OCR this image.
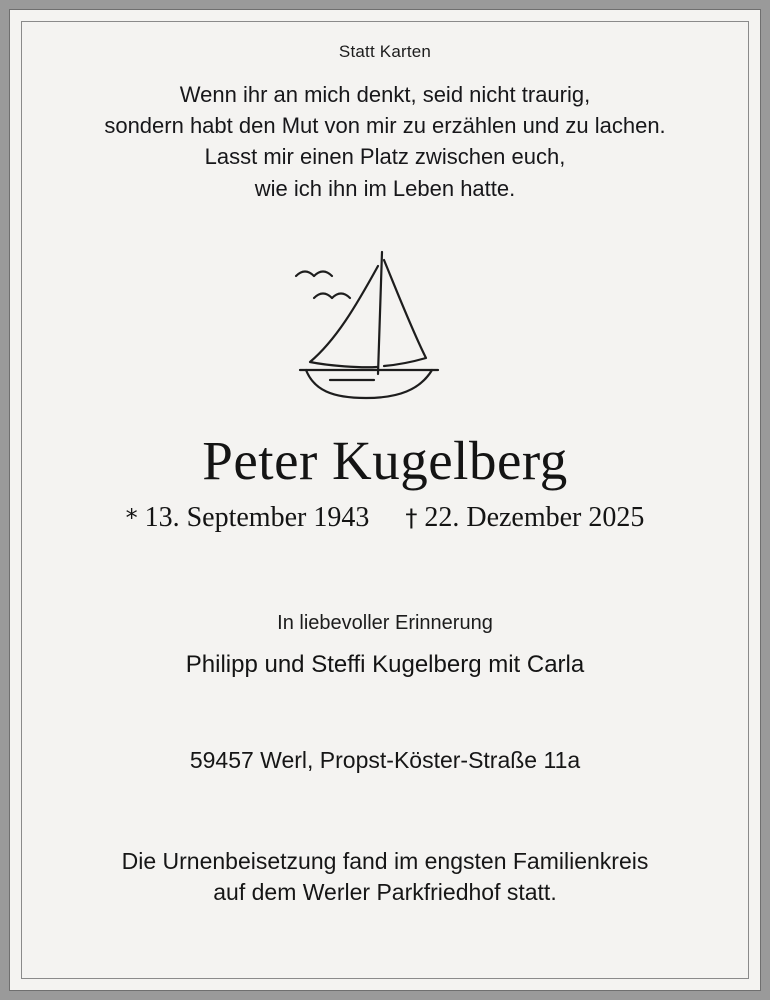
Statt Karten
Wenn ihr an mich denkt, seid nicht traurig,
sondern habt den Mut von mir zu erzählen und zu lachen.
Lasst mir einen Platz zwischen euch,
wie ich ihn im Leben hatte.
Peter Kugelberg
* 13. September 1943 † 22. Dezember 2025
In liebevoller Erinnerung
Philipp und Steffi Kugelberg mit Carla
59457 Werl, Propst-Köster-Straße 11a
Die Urnenbeisetzung fand im engsten Familienkreis
auf dem Werler Parkfriedhof statt.
